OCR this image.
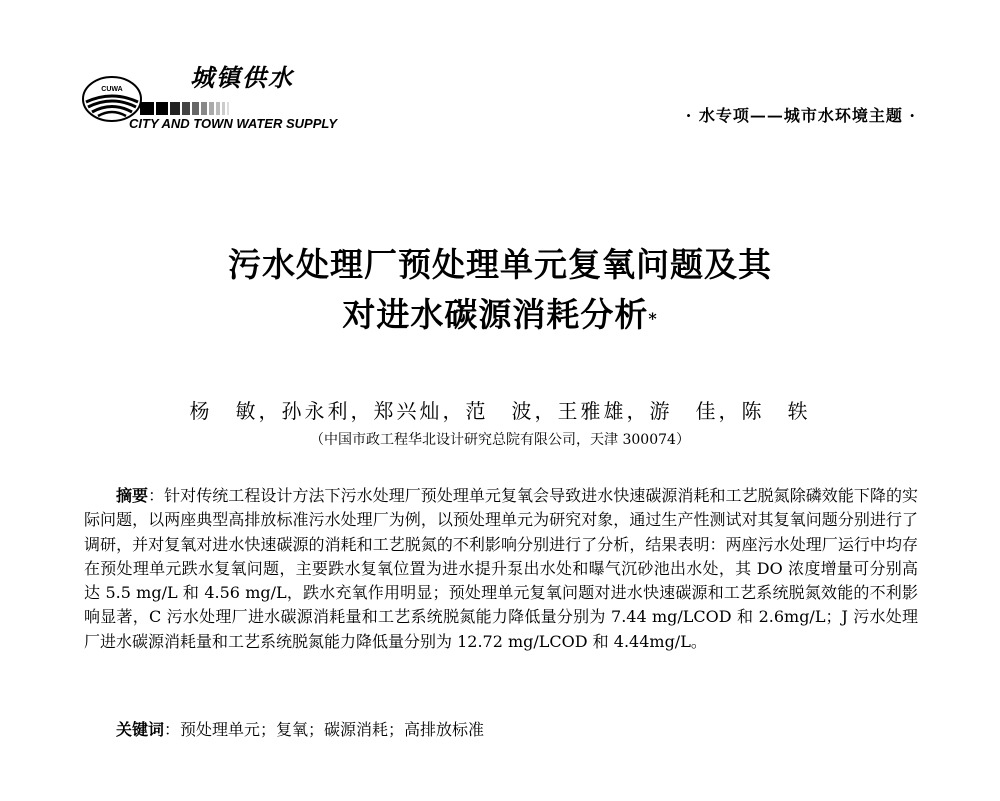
CUWA	城镇供水
CITY AND TOWN WATER SUPPLY	· 水专项——城市水环境主题 ·
污水处理厂预处理单元复氧问题及其
对进水碳源消耗分析*
杨　敏，孙永利，郑兴灿，范　波，王雅雄，游　佳，陈　轶
（中国市政工程华北设计研究总院有限公司，天津 300074）
摘要：针对传统工程设计方法下污水处理厂预处理单元复氧会导致进水快速碳源消耗和工艺脱氮除磷效能下降的实际问题，以两座典型高排放标准污水处理厂为例，以预处理单元为研究对象，通过生产性测试对其复氧问题分别进行了调研，并对复氧对进水快速碳源的消耗和工艺脱氮的不利影响分别进行了分析，结果表明：两座污水处理厂运行中均存在预处理单元跌水复氧问题，主要跌水复氧位置为进水提升泵出水处和曝气沉砂池出水处，其 DO 浓度增量可分别高达 5.5 mg/L 和 4.56 mg/L，跌水充氧作用明显；预处理单元复氧问题对进水快速碳源和工艺系统脱氮效能的不利影响显著，C 污水处理厂进水碳源消耗量和工艺系统脱氮能力降低量分别为 7.44 mg/LCOD 和 2.6mg/L；J 污水处理厂进水碳源消耗量和工艺系统脱氮能力降低量分别为 12.72 mg/LCOD 和 4.44mg/L。
关键词：预处理单元；复氧；碳源消耗；高排放标准
